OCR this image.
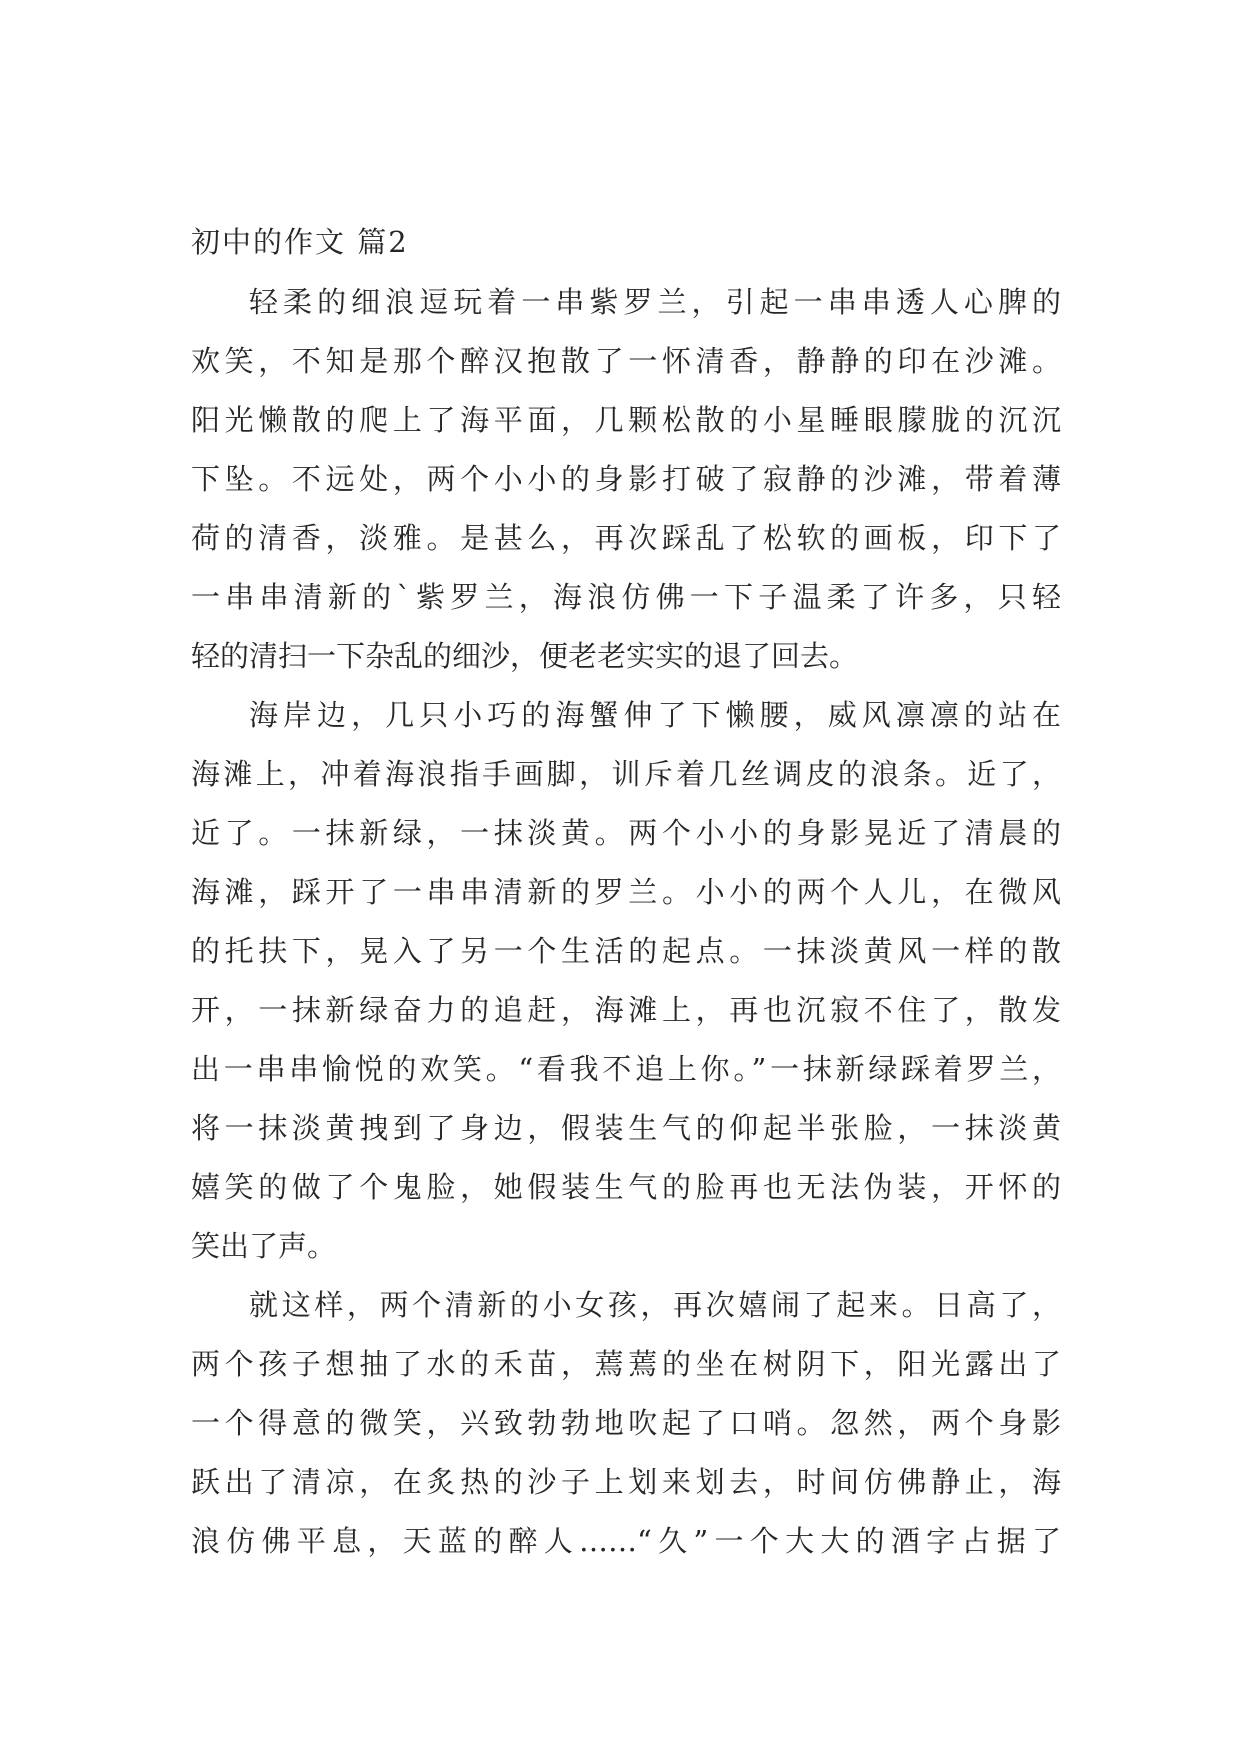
初中的作文 篇2
轻柔的细浪逗玩着一串紫罗兰，引起一串串透人心脾的
欢笑，不知是那个醉汉抱散了一怀清香，静静的印在沙滩。
阳光懒散的爬上了海平面，几颗松散的小星睡眼朦胧的沉沉
下坠。不远处，两个小小的身影打破了寂静的沙滩，带着薄
荷的清香，淡雅。是甚么，再次踩乱了松软的画板，印下了
一串串清新的`紫罗兰，海浪仿佛一下子温柔了许多，只轻
轻的清扫一下杂乱的细沙，便老老实实的退了回去。
海岸边，几只小巧的海蟹伸了下懒腰，威风凛凛的站在
海滩上，冲着海浪指手画脚，训斥着几丝调皮的浪条。近了，
近了。一抹新绿，一抹淡黄。两个小小的身影晃近了清晨的
海滩，踩开了一串串清新的罗兰。小小的两个人儿，在微风
的托扶下，晃入了另一个生活的起点。一抹淡黄风一样的散
开，一抹新绿奋力的追赶，海滩上，再也沉寂不住了，散发
出一串串愉悦的欢笑。“看我不追上你。”一抹新绿踩着罗兰，
将一抹淡黄拽到了身边，假装生气的仰起半张脸，一抹淡黄
嬉笑的做了个鬼脸，她假装生气的脸再也无法伪装，开怀的
笑出了声。
就这样，两个清新的小女孩，再次嬉闹了起来。日高了，
两个孩子想抽了水的禾苗，蔫蔫的坐在树阴下，阳光露出了
一个得意的微笑，兴致勃勃地吹起了口哨。忽然，两个身影
跃出了清凉，在炙热的沙子上划来划去，时间仿佛静止，海
浪仿佛平息，天蓝的醉人……“久”一个大大的酒字占据了
